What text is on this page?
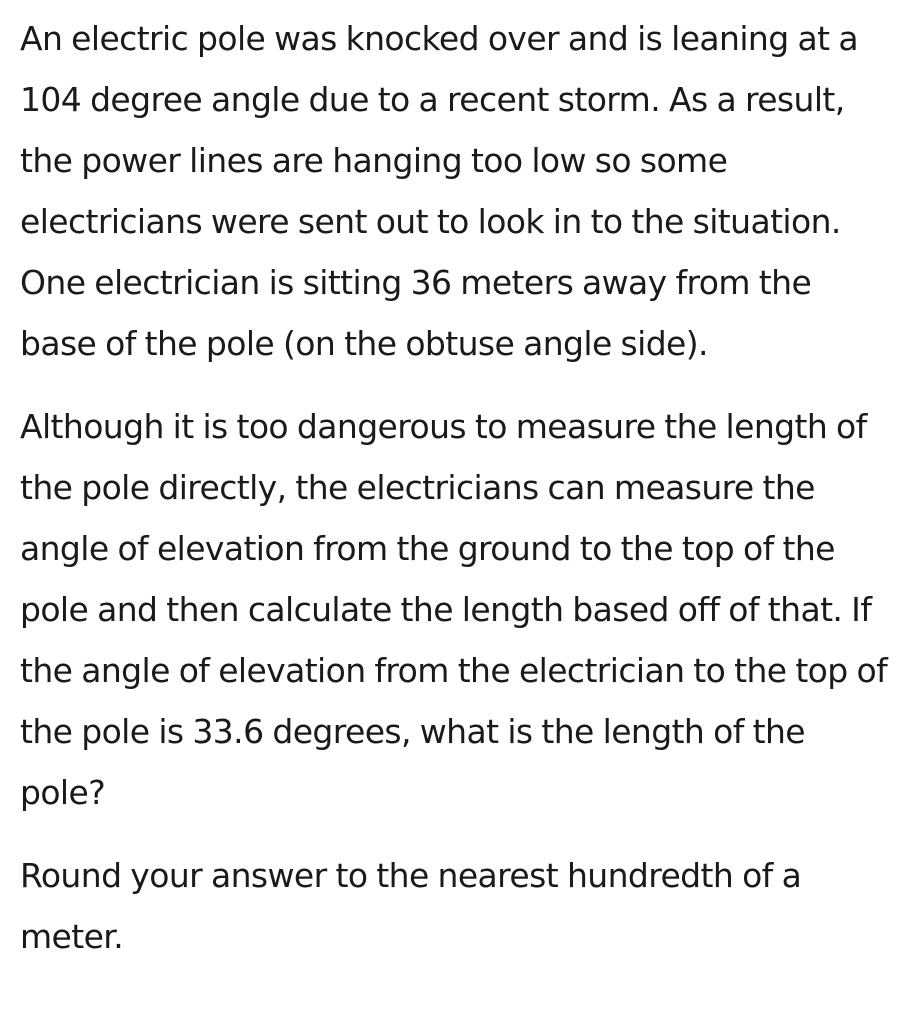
An electric pole was knocked over and is leaning at a 104 degree angle due to a recent storm. As a result, the power lines are hanging too low so some electricians were sent out to look in to the situation. One electrician is sitting 36 meters away from the base of the pole (on the obtuse angle side).

Although it is too dangerous to measure the length of the pole directly, the electricians can measure the angle of elevation from the ground to the top of the pole and then calculate the length based off of that. If the angle of elevation from the electrician to the top of the pole is 33.6 degrees, what is the length of the pole?

Round your answer to the nearest hundredth of a meter.
